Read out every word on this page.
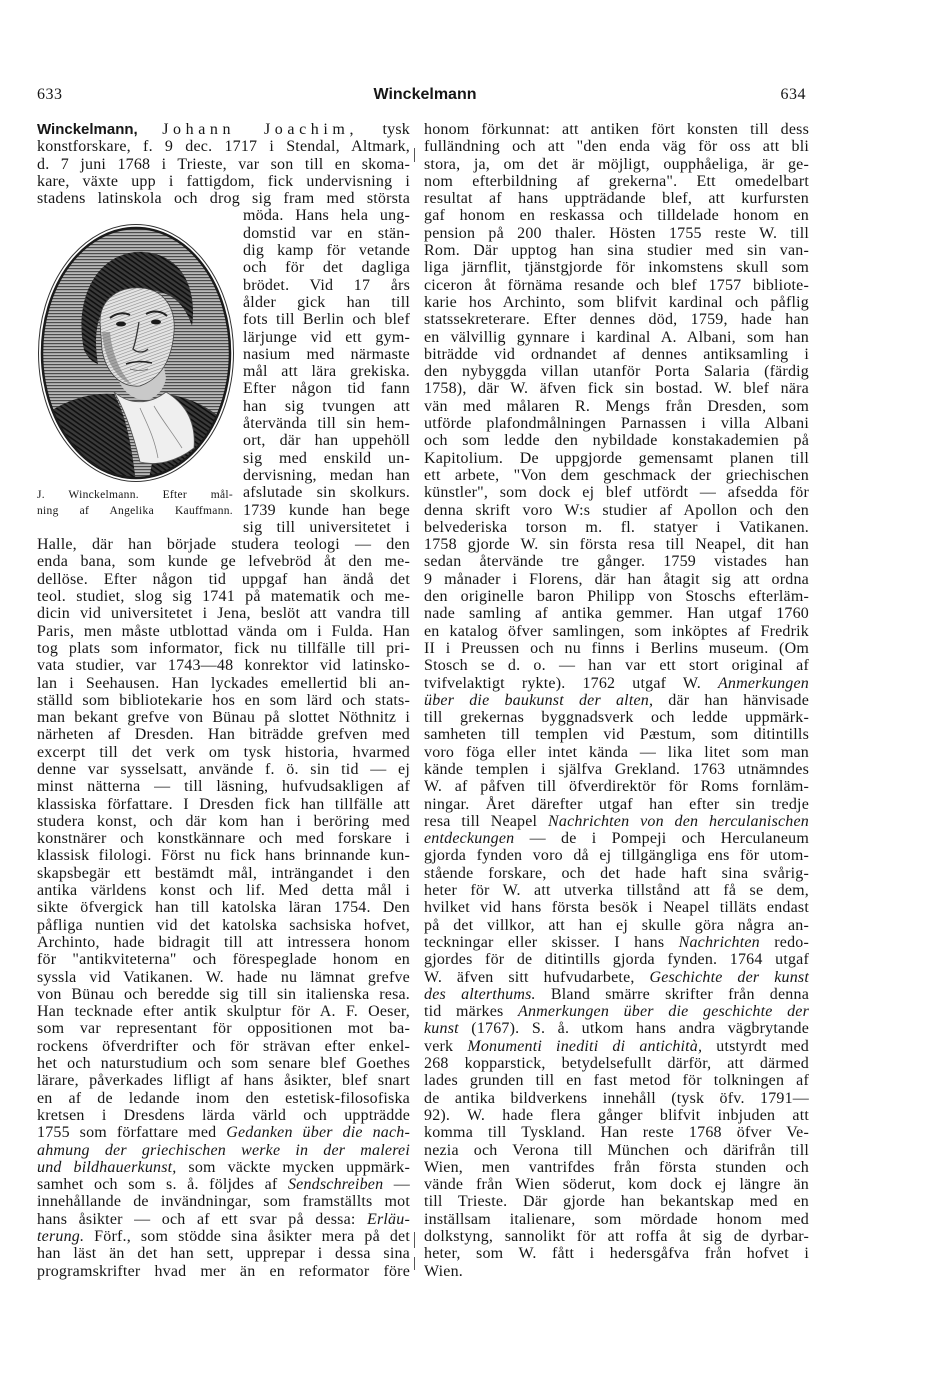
633	Winckelmann	634
Winckelmann, Johann Joachim, tysk
konstforskare, f. 9 dec. 1717 i Stendal, Altmark,
d. 7 juni 1768 i Trieste, var son till en skoma-
kare, växte upp i fattigdom, fick undervisning i
stadens latinskola och drog sig fram med största
möda. Hans hela ung-
domstid var en stän-
dig kamp för vetande
och för det dagliga
brödet. Vid 17 års
ålder gick han till
fots till Berlin och blef
lärjunge vid ett gym-
nasium med närmaste
mål att lära grekiska.
Efter någon tid fann
han sig tvungen att
återvända till sin hem-
ort, där han uppehöll
sig med enskild un-
dervisning, medan han
afslutade sin skolkurs.
1739 kunde han bege
sig till universitetet i
Halle, där han började studera teologi — den
enda bana, som kunde ge lefvebröd åt den me-
dellöse. Efter någon tid uppgaf han ändå det
teol. studiet, slog sig 1741 på matematik och me-
dicin vid universitetet i Jena, beslöt att vandra till
Paris, men måste utblottad vända om i Fulda. Han
tog plats som informator, fick nu tillfälle till pri-
vata studier, var 1743—48 konrektor vid latinsko-
lan i Seehausen. Han lyckades emellertid bli an-
ställd som bibliotekarie hos en som lärd och stats-
man bekant grefve von Bünau på slottet Nöthnitz i
närheten af Dresden. Han biträdde grefven med
excerpt till det verk om tysk historia, hvarmed
denne var sysselsatt, använde f. ö. sin tid — ej
minst nätterna — till läsning, hufvudsakligen af
klassiska författare. I Dresden fick han tillfälle att
studera konst, och där kom han i beröring med
konstnärer och konstkännare och med forskare i
klassisk filologi. Först nu fick hans brinnande kun-
skapsbegär ett bestämdt mål, inträngandet i den
antika världens konst och lif. Med detta mål i
sikte öfvergick han till katolska läran 1754. Den
påfliga nuntien vid det katolska sachsiska hofvet,
Archinto, hade bidragit till att intressera honom
för "antikviteterna" och förespeglade honom en
syssla vid Vatikanen. W. hade nu lämnat grefve
von Bünau och beredde sig till sin italienska resa.
Han tecknade efter antik skulptur för A. F. Oeser,
som var representant för oppositionen mot ba-
rockens öfverdrifter och för strävan efter enkel-
het och naturstudium och som senare blef Goethes
lärare, påverkades lifligt af hans åsikter, blef snart
en af de ledande inom den estetisk-filosofiska
kretsen i Dresdens lärda värld och uppträdde
1755 som författare med Gedanken über die nach-
ahmung der griechischen werke in der malerei
und bildhauerkunst, som väckte mycken uppmärk-
samhet och som s. å. följdes af Sendschreiben —
innehållande de invändningar, som framställts mot
hans åsikter — och af ett svar på dessa: Erläu-
terung. Förf., som stödde sina åsikter mera på det
han läst än det han sett, upprepar i dessa sina
programskrifter hvad mer än en reformator före
honom förkunnat: att antiken fört konsten till dess
fulländning och att "den enda väg för oss att bli
stora, ja, om det är möjligt, oupphåeliga, är ge-
nom efterbildning af grekerna". Ett omedelbart
resultat af hans uppträdande blef, att kurfursten
gaf honom en reskassa och tilldelade honom en
pension på 200 thaler. Hösten 1755 reste W. till
Rom. Där upptog han sina studier med sin van-
liga järnflit, tjänstgjorde för inkomstens skull som
ciceron åt förnäma resande och blef 1757 bibliote-
karie hos Archinto, som blifvit kardinal och påflig
statssekreterare. Efter dennes död, 1759, hade han
en välvillig gynnare i kardinal A. Albani, som han
biträdde vid ordnandet af dennes antiksamling i
den nybyggda villan utanför Porta Salaria (färdig
1758), där W. äfven fick sin bostad. W. blef nära
vän med målaren R. Mengs från Dresden, som
utförde plafondmålningen Parnassen i villa Albani
och som ledde den nybildade konstakademien på
Kapitolium. De uppgjorde gemensamt planen till
ett arbete, "Von dem geschmack der griechischen
künstler", som dock ej blef utfördt — afsedda för
denna skrift voro W:s studier af Apollon och den
belvederiska torson m. fl. statyer i Vatikanen.
1758 gjorde W. sin första resa till Neapel, dit han
sedan återvände tre gånger. 1759 vistades han
9 månader i Florens, där han åtagit sig att ordna
den originelle baron Philipp von Stoschs efterläm-
nade samling af antika gemmer. Han utgaf 1760
en katalog öfver samlingen, som inköptes af Fredrik
II i Preussen och nu finns i Berlins museum. (Om
Stosch se d. o. — han var ett stort original af
tvifvelaktigt rykte). 1762 utgaf W. Anmerkungen
über die baukunst der alten, där han hänvisade
till grekernas byggnadsverk och ledde uppmärk-
samheten till templen vid Pæstum, som ditintills
voro föga eller intet kända — lika litet som man
kände templen i själfva Grekland. 1763 utnämndes
W. af påfven till öfverdirektör för Roms fornläm-
ningar. Året därefter utgaf han efter sin tredje
resa till Neapel Nachrichten von den herculanischen
entdeckungen — de i Pompeji och Herculaneum
gjorda fynden voro då ej tillgängliga ens för utom-
stående forskare, och det hade haft sina svårig-
heter för W. att utverka tillstånd att få se dem,
hvilket vid hans första besök i Neapel tilläts endast
på det villkor, att han ej skulle göra några an-
teckningar eller skisser. I hans Nachrichten redo-
gjordes för de ditintills gjorda fynden. 1764 utgaf
W. äfven sitt hufvudarbete, Geschichte der kunst
des alterthums. Bland smärre skrifter från denna
tid märkes Anmerkungen über die geschichte der
kunst (1767). S. å. utkom hans andra vägbrytande
verk Monumenti inediti di antichità, utstyrdt med
268 kopparstick, betydelsefullt därför, att därmed
lades grunden till en fast metod för tolkningen af
de antika bildverkens innehåll (tysk öfv. 1791—
92). W. hade flera gånger blifvit inbjuden att
komma till Tyskland. Han reste 1768 öfver Ve-
nezia och Verona till München och därifrån till
Wien, men vantrifdes från första stunden och
vände från Wien söderut, kom dock ej längre än
till Trieste. Där gjorde han bekantskap med en
inställsam italienare, som mördade honom med
dolkstyng, sannolikt för att roffa åt sig de dyrbar-
heter, som W. fått i hedersgåfva från hofvet i
Wien.
J. Winckelmann. Efter mål-
ning af Angelika Kauffmann.
